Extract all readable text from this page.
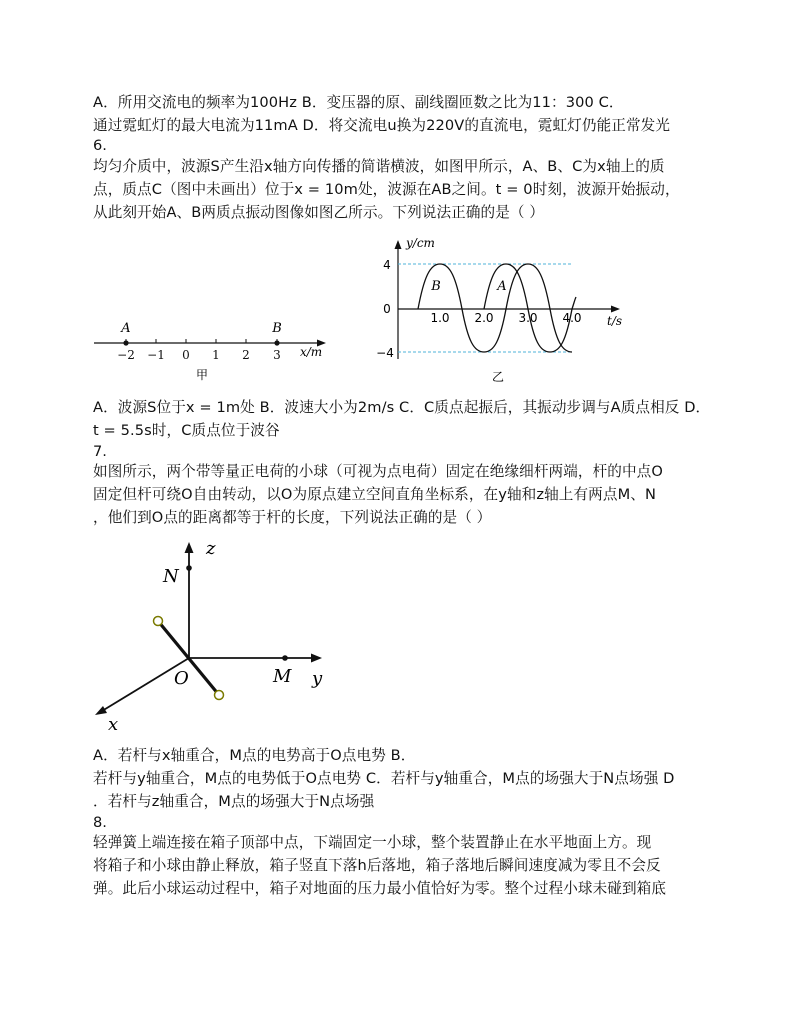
A．所用交流电的频率为100Hz B．变压器的原、副线圈匝数之比为11：300 C．
通过霓虹灯的最大电流为11mA D．将交流电u换为220V的直流电，霓虹灯仍能正常发光
6.
均匀介质中，波源S产生沿x轴方向传播的简谐横波，如图甲所示，A、B、C为x轴上的质
点，质点C（图中未画出）位于x = 10m处，波源在AB之间。t = 0时刻，波源开始振动，
从此刻开始A、B两质点振动图像如图乙所示。下列说法正确的是（ ）
−2 −1 0 1 2 3
A	B
x/m
甲
y/cm
t/s
4
0
−4
1.0 2.0 3.0 4.0
B	A
乙
A．波源S位于x = 1m处 B．波速大小为2m/s C．C质点起振后，其振动步调与A质点相反 D．
t = 5.5s时，C质点位于波谷
7.
如图所示，两个带等量正电荷的小球（可视为点电荷）固定在绝缘细杆两端，杆的中点O
固定但杆可绕O自由转动，以O为原点建立空间直角坐标系，在y轴和z轴上有两点M、N
，他们到O点的距离都等于杆的长度，下列说法正确的是（ ）
z
N
O	M y
x
A．若杆与x轴重合，M点的电势高于O点电势 B．
若杆与y轴重合，M点的电势低于O点电势 C．若杆与y轴重合，M点的场强大于N点场强 D
．若杆与z轴重合，M点的场强大于N点场强
8.
轻弹簧上端连接在箱子顶部中点，下端固定一小球，整个装置静止在水平地面上方。现
将箱子和小球由静止释放，箱子竖直下落h后落地，箱子落地后瞬间速度减为零且不会反
弹。此后小球运动过程中，箱子对地面的压力最小值恰好为零。整个过程小球未碰到箱底
